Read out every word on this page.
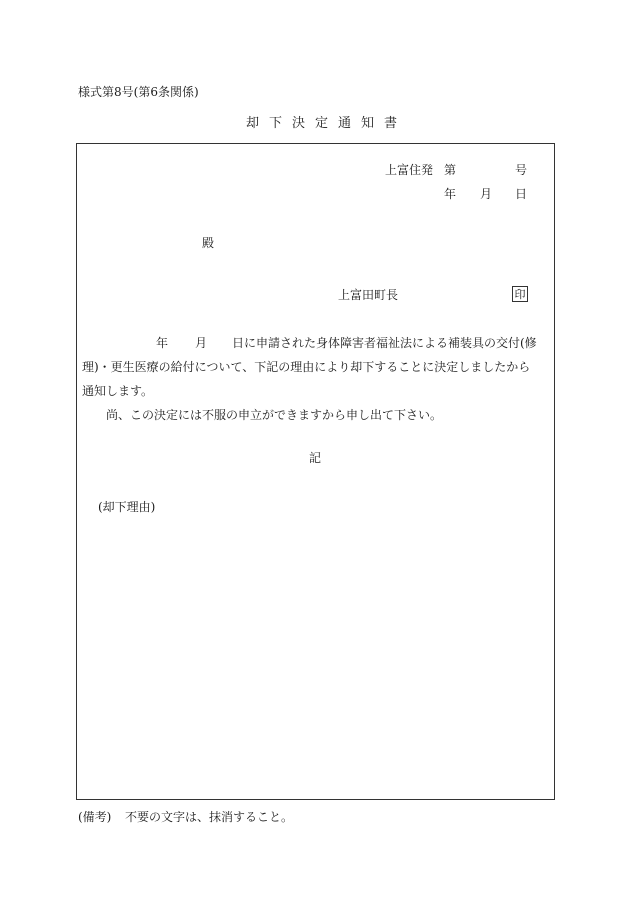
様式第8号(第6条関係)
却下決定通知書
上富住発 第	号
年 月 日
殿
上富田町長	印
年 月 日に申請された身体障害者福祉法による補装具の交付(修
理)・更生医療の給付について、下記の理由により却下することに決定しましたから
通知します。
尚、この決定には不服の申立ができますから申し出て下さい。
記
(却下理由)
(備考) 不要の文字は、抹消すること。
